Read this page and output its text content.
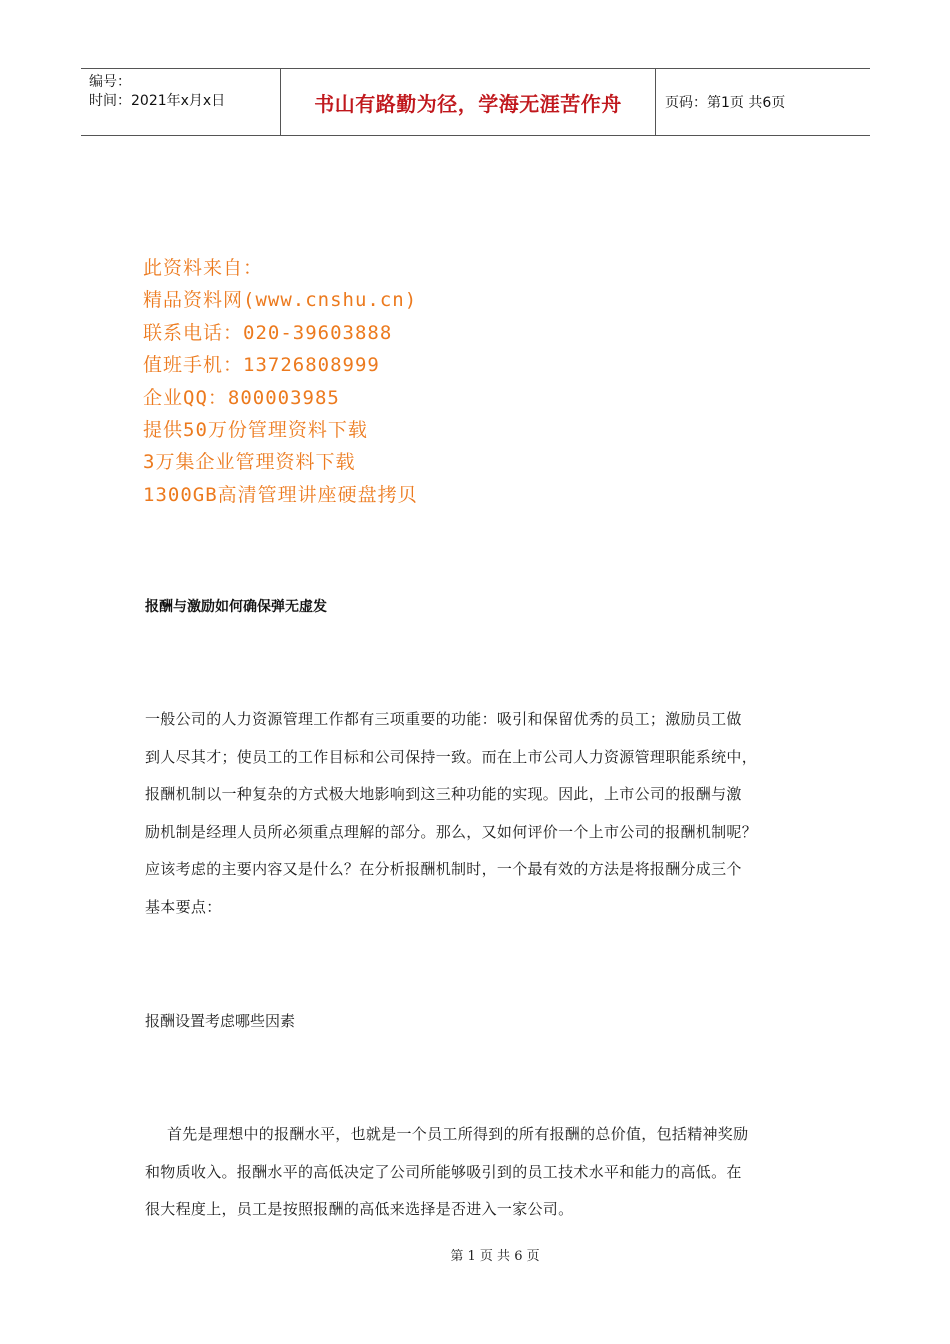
编号：
时间：2021年x月x日	书山有路勤为径，学海无涯苦作舟	页码：第1页 共6页
此资料来自：
精品资料网(www.cnshu.cn)
联系电话：020-39603888
值班手机：13726808999
企业QQ：800003985
提供50万份管理资料下载
3万集企业管理资料下载
1300GB高清管理讲座硬盘拷贝
报酬与激励如何确保弹无虚发
一般公司的人力资源管理工作都有三项重要的功能：吸引和保留优秀的员工；激励员工做
到人尽其才；使员工的工作目标和公司保持一致。而在上市公司人力资源管理职能系统中，
报酬机制以一种复杂的方式极大地影响到这三种功能的实现。因此，上市公司的报酬与激
励机制是经理人员所必须重点理解的部分。那么，又如何评价一个上市公司的报酬机制呢？
应该考虑的主要内容又是什么？在分析报酬机制时，一个最有效的方法是将报酬分成三个
基本要点：
报酬设置考虑哪些因素
首先是理想中的报酬水平，也就是一个员工所得到的所有报酬的总价值，包括精神奖励
和物质收入。报酬水平的高低决定了公司所能够吸引到的员工技术水平和能力的高低。在
很大程度上，员工是按照报酬的高低来选择是否进入一家公司。
第 1 页 共 6 页
